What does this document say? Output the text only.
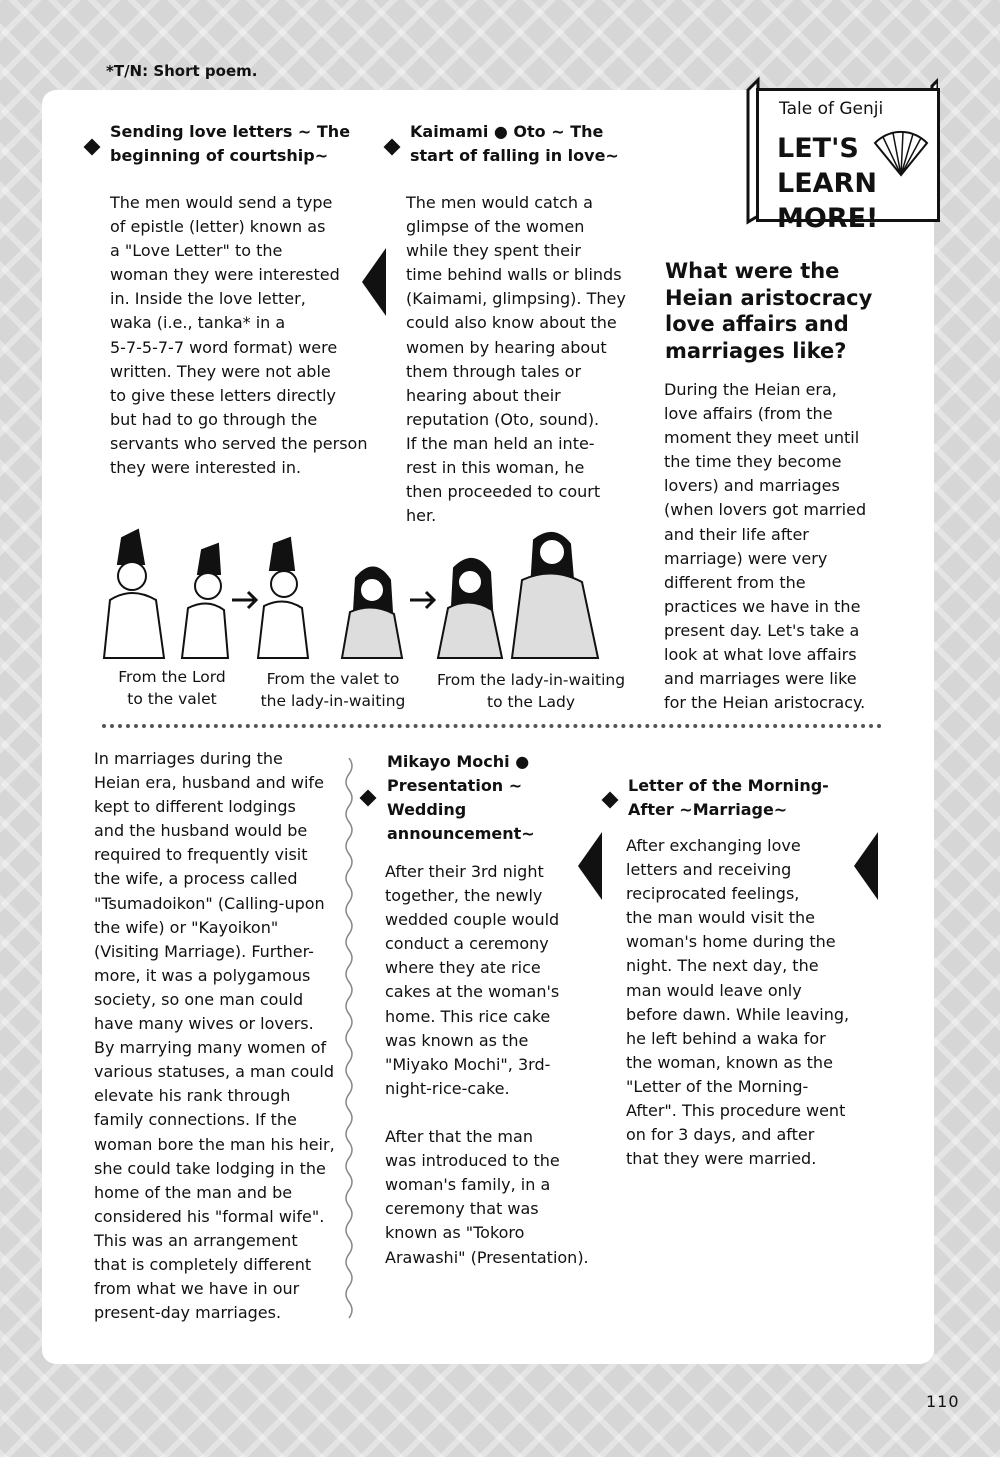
*T/N: Short poem.
Tale of Genji
LET'S
LEARN MORE!
Sending love letters ~ The
beginning of courtship~
The men would send a type
of epistle (letter) known as
a "Love Letter" to the
woman they were interested
in. Inside the love letter,
waka (i.e., tanka* in a
5-7-5-7-7 word format) were
written. They were not able
to give these letters directly
but had to go through the
servants who served the person
they were interested in.
Kaimami ● Oto ~ The
start of falling in love~
The men would catch a
glimpse of the women
while they spent their
time behind walls or blinds
(Kaimami, glimpsing). They
could also know about the
women by hearing about
them through tales or
hearing about their
reputation (Oto, sound).
If the man held an inte-
rest in this woman, he
then proceeded to court
her.
What were the Heian aristocracy love affairs and marriages like?
During the Heian era,
love affairs (from the
moment they meet until
the time they become
lovers) and marriages
(when lovers got married
and their life after
marriage) were very
different from the
practices we have in the
present day. Let's take a
look at what love affairs
and marriages were like
for the Heian aristocracy.
From the Lord
to the valet
From the valet to
the lady-in-waiting
From the lady-in-waiting
to the Lady
In marriages during the
Heian era, husband and wife
kept to different lodgings
and the husband would be
required to frequently visit
the wife, a process called
"Tsumadoikon" (Calling-upon
the wife) or "Kayoikon"
(Visiting Marriage). Further-
more, it was a polygamous
society, so one man could
have many wives or lovers.
By marrying many women of
various statuses, a man could
elevate his rank through
family connections. If the
woman bore the man his heir,
she could take lodging in the
home of the man and be
considered his "formal wife".
This was an arrangement
that is completely different
from what we have in our
present-day marriages.
Mikayo Mochi ●
Presentation ~
Wedding
announcement~
After their 3rd night
together, the newly
wedded couple would
conduct a ceremony
where they ate rice
cakes at the woman's
home. This rice cake
was known as the
"Miyako Mochi", 3rd-
night-rice-cake.

After that the man
was introduced to the
woman's family, in a
ceremony that was
known as "Tokoro
Arawashi" (Presentation).
Letter of the Morning-
After ~Marriage~
After exchanging love
letters and receiving
reciprocated feelings,
the man would visit the
woman's home during the
night. The next day, the
man would leave only
before dawn. While leaving,
he left behind a waka for
the woman, known as the
"Letter of the Morning-
After". This procedure went
on for 3 days, and after
that they were married.
110
